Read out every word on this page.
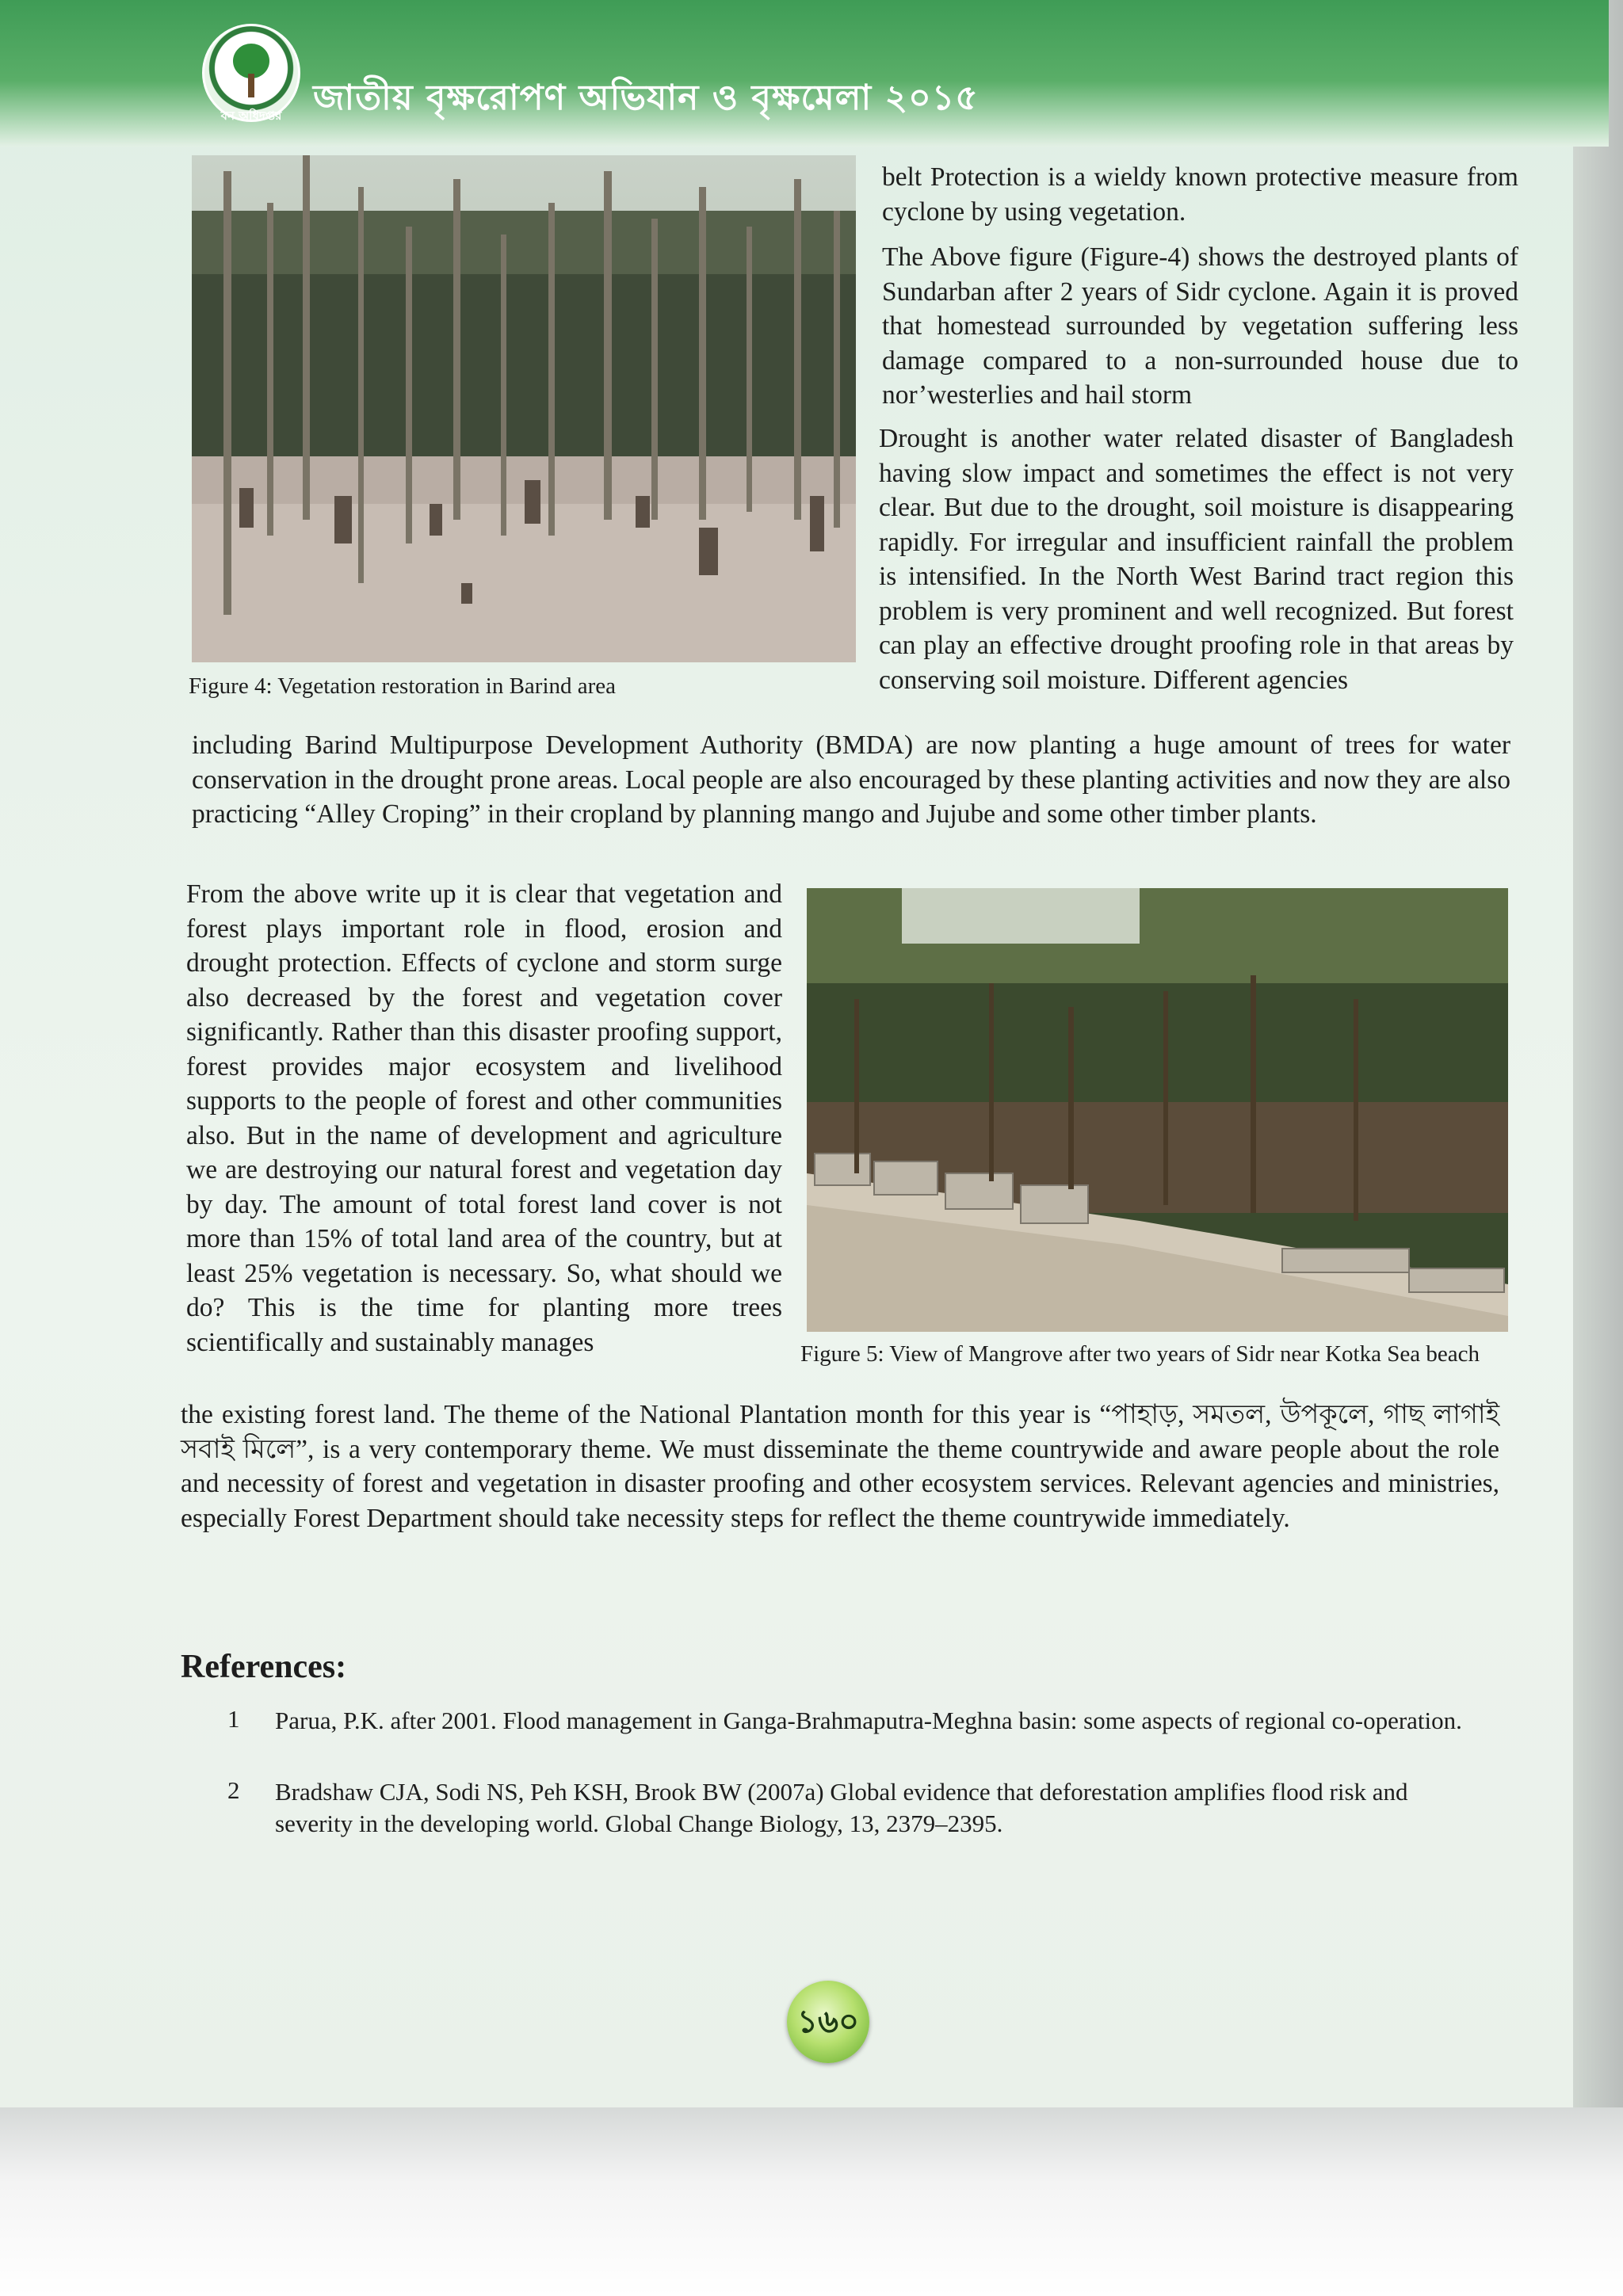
বন অধিদপ্তর জাতীয় বৃক্ষরোপণ অভিযান ও বৃক্ষমেলা ২০১৫
Figure 4: Vegetation restoration in Barind area
belt Protection is a wieldy known protective measure from cyclone by using vegetation.
The Above figure (Figure-4) shows the destroyed plants of Sundarban after 2 years of Sidr cyclone. Again it is proved that homestead surrounded by vegetation suffering less damage compared to a non-surrounded house due to nor’westerlies and hail storm
Drought is another water related disaster of Bangladesh having slow impact and sometimes the effect is not very clear. But due to the drought, soil moisture is disappearing rapidly. For irregular and insufficient rainfall the problem is intensified. In the North West Barind tract region this problem is very prominent and well recognized. But forest can play an effective drought proofing role in that areas by conserving soil moisture. Different agencies
including Barind Multipurpose Development Authority (BMDA) are now planting a huge amount of trees for water conservation in the drought prone areas. Local people are also encouraged by these planting activities and now they are also practicing “Alley Croping” in their cropland by planning mango and Jujube and some other timber plants.
From the above write up it is clear that vegetation and forest plays important role in flood, erosion and drought protection. Effects of cyclone and storm surge also decreased by the forest and vegetation cover significantly. Rather than this disaster proofing support, forest provides major ecosystem and livelihood supports to the people of forest and other communities also. But in the name of development and agriculture we are destroying our natural forest and vegetation day by day. The amount of total forest land cover is not more than 15% of total land area of the country, but at least 25% vegetation is necessary. So, what should we do? This is the time for planting more trees scientifically and sustainably manages	Figure 5: View of Mangrove after two years of Sidr near Kotka Sea beach
the existing forest land. The theme of the National Plantation month for this year is “পাহাড়, সমতল, উপকূলে, গাছ লাগাই সবাই মিলে”, is a very contemporary theme. We must disseminate the theme countrywide and aware people about the role and necessity of forest and vegetation in disaster proofing and other ecosystem services. Relevant agencies and ministries, especially Forest Department should take necessity steps for reflect the theme countrywide immediately.
References:
1 Parua, P.K. after 2001. Flood management in Ganga-Brahmaputra-Meghna basin: some aspects of regional co-operation.
2 Bradshaw CJA, Sodi NS, Peh KSH, Brook BW (2007a) Global evidence that deforestation amplifies flood risk and severity in the developing world. Global Change Biology, 13, 2379–2395.
১৬০
